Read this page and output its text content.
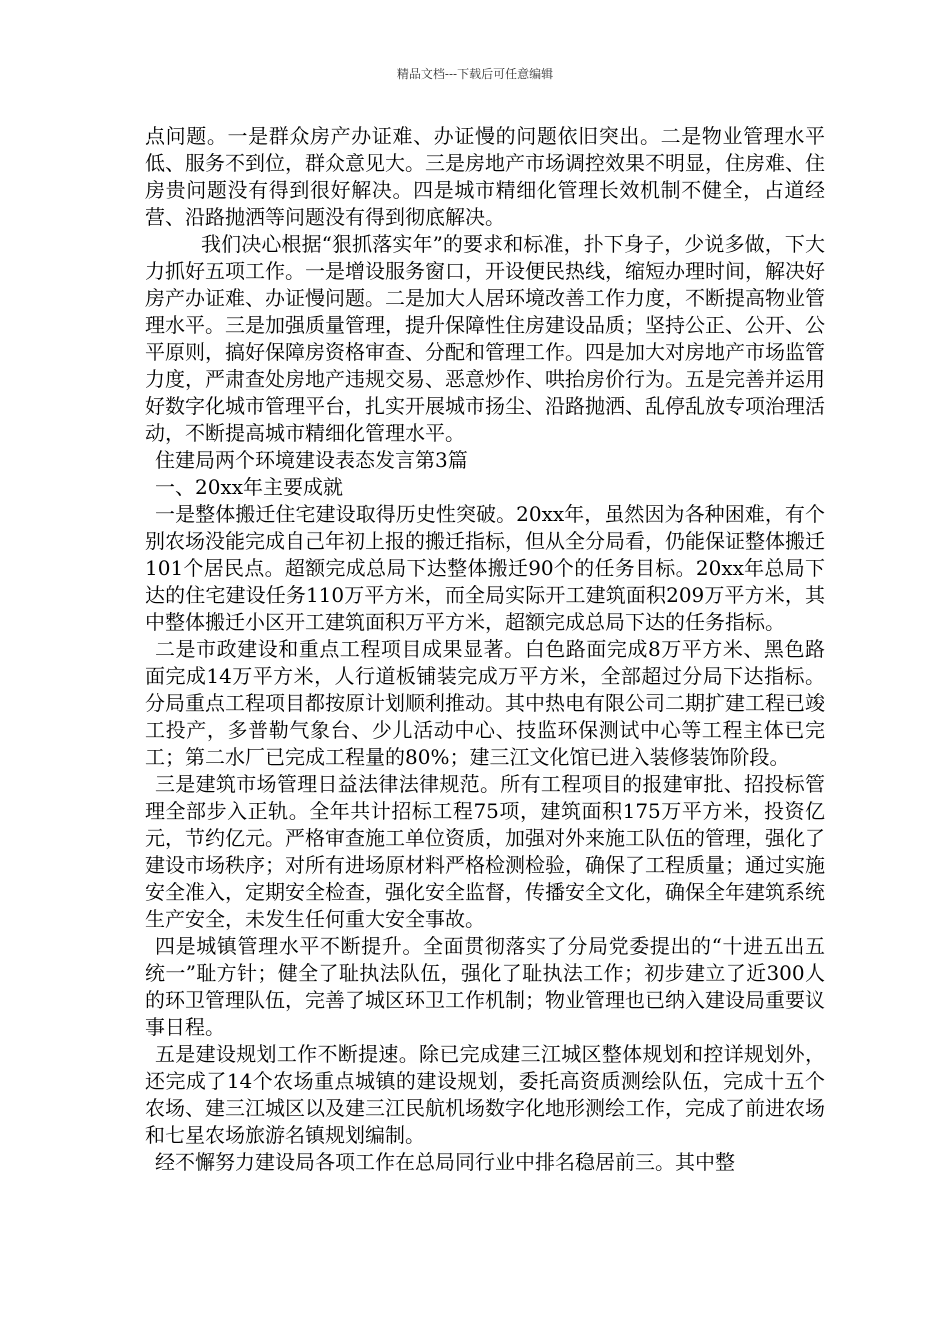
精品文档---下载后可任意编辑

点问题。一是群众房产办证难、办证慢的问题依旧突出。二是物业管理水平低、服务不到位，群众意见大。三是房地产市场调控效果不明显，住房难、住房贵问题没有得到很好解决。四是城市精细化管理长效机制不健全，占道经营、沿路抛洒等问题没有得到彻底解决。

我们决心根据“狠抓落实年”的要求和标准，扑下身子，少说多做，下大力抓好五项工作。一是增设服务窗口，开设便民热线，缩短办理时间，解决好房产办证难、办证慢问题。二是加大人居环境改善工作力度，不断提高物业管理水平。三是加强质量管理，提升保障性住房建设品质；坚持公正、公开、公平原则，搞好保障房资格审查、分配和管理工作。四是加大对房地产市场监管力度，严肃查处房地产违规交易、恶意炒作、哄抬房价行为。五是完善并运用好数字化城市管理平台，扎实开展城市扬尘、沿路抛洒、乱停乱放专项治理活动，不断提高城市精细化管理水平。

住建局两个环境建设表态发言第3篇

一、20xx年主要成就

一是整体搬迁住宅建设取得历史性突破。20xx年，虽然因为各种困难，有个别农场没能完成自己年初上报的搬迁指标，但从全分局看，仍能保证整体搬迁101个居民点。超额完成总局下达整体搬迁90个的任务目标。20xx年总局下达的住宅建设任务110万平方米，而全局实际开工建筑面积209万平方米，其中整体搬迁小区开工建筑面积万平方米，超额完成总局下达的任务指标。

二是市政建设和重点工程项目成果显著。白色路面完成8万平方米、黑色路面完成14万平方米，人行道板铺装完成万平方米，全部超过分局下达指标。分局重点工程项目都按原计划顺利推动。其中热电有限公司二期扩建工程已竣工投产，多普勒气象台、少儿活动中心、技监环保测试中心等工程主体已完工；第二水厂已完成工程量的80%；建三江文化馆已进入装修装饰阶段。

三是建筑市场管理日益法律法律规范。所有工程项目的报建审批、招投标管理全部步入正轨。全年共计招标工程75项，建筑面积175万平方米，投资亿元，节约亿元。严格审查施工单位资质，加强对外来施工队伍的管理，强化了建设市场秩序；对所有进场原材料严格检测检验，确保了工程质量；通过实施安全准入，定期安全检查，强化安全监督，传播安全文化，确保全年建筑系统生产安全，未发生任何重大安全事故。

四是城镇管理水平不断提升。全面贯彻落实了分局党委提出的“十进五出五统一”耻方针；健全了耻执法队伍，强化了耻执法工作；初步建立了近300人的环卫管理队伍，完善了城区环卫工作机制；物业管理也已纳入建设局重要议事日程。

五是建设规划工作不断提速。除已完成建三江城区整体规划和控详规划外，还完成了14个农场重点城镇的建设规划，委托高资质测绘队伍，完成十五个农场、建三江城区以及建三江民航机场数字化地形测绘工作，完成了前进农场和七星农场旅游名镇规划编制。

经不懈努力建设局各项工作在总局同行业中排名稳居前三。其中整
